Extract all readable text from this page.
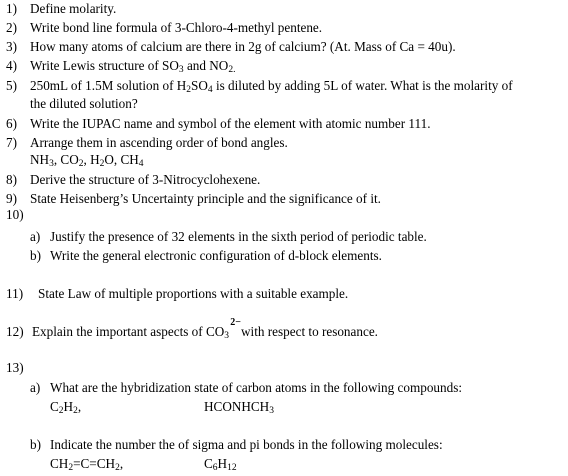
1) Define molarity.
2) Write bond line formula of 3-Chloro-4-methyl pentene.
3) How many atoms of calcium are there in 2g of calcium? (At. Mass of Ca = 40u).
4) Write Lewis structure of $SO_3$ and $NO_{2.}$
5) 250mL of 1.5M solution of $H_2SO_4$ is diluted by adding 5L of water. What is the molarity of
the diluted solution?
6) Write the IUPAC name and symbol of the element with atomic number 111.
7) Arrange them in ascending order of bond angles.
$NH_3$, $CO_2$, $H_2O$, $CH_4$
8) Derive the structure of 3-Nitrocyclohexene.
9) State Heisenberg’s Uncertainty principle and the significance of it.
10)
a) Justify the presence of 32 elements in the sixth period of periodic table.
b) Write the general electronic configuration of d-block elements.
11) State Law of multiple proportions with a suitable example.
12) Explain the important aspects of $CO_3$
2−
with respect to resonance.
13)
a) What are the hybridization state of carbon atoms in the following compounds:
$C_2H_2$,	$HCONHCH_3$
b) Indicate the number the of sigma and pi bonds in the following molecules:
$CH_2=C=CH_2$,	$C_6H_{12}$
